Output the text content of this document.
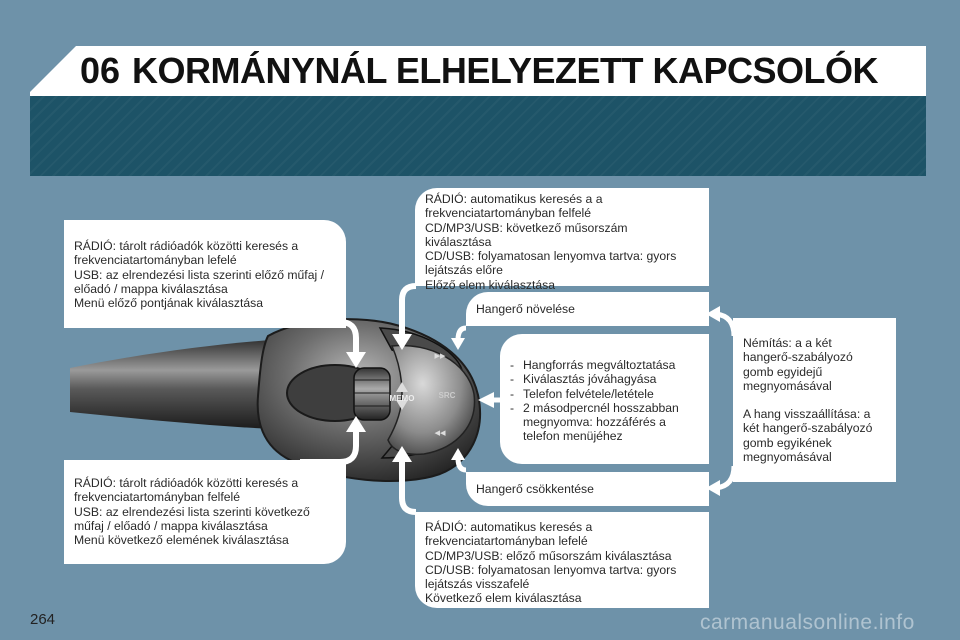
06 KORMÁNYNÁL ELHELYEZETT KAPCSOLÓK
MEMO	SRC
▸▸
◂◂

RÁDIÓ: tárolt rádióadók közötti keresés a

frekvenciatartományban lefelé

USB: az elrendezési lista szerinti előző műfaj /

előadó / mappa kiválasztása

Menü előző pontjának kiválasztása

RÁDIÓ: tárolt rádióadók közötti keresés a

frekvenciatartományban felfelé

USB: az elrendezési lista szerinti következő

műfaj / előadó / mappa kiválasztása

Menü következő elemének kiválasztása

RÁDIÓ: automatikus keresés a a

frekvenciatartományban felfelé

CD/MP3/USB: következő műsorszám

kiválasztása

CD/USB: folyamatosan lenyomva tartva: gyors

lejátszás előre

Előző elem kiválasztása

RÁDIÓ: automatikus keresés a

frekvenciatartományban lefelé

CD/MP3/USB: előző műsorszám kiválasztása

CD/USB: folyamatosan lenyomva tartva: gyors

lejátszás visszafelé

Következő elem kiválasztása

Hangerő növelése

Hangerő csökkentése

- Hangforrás megváltoztatása
- Kiválasztás jóváhagyása
- Telefon felvétele/letétele
- 2 másodpercnél hosszabban megnyomva: hozzáférés a telefon menüjéhez

Némítás: a a két

hangerő-szabályozó

gomb egyidejű

megnyomásával

A hang visszaállítása: a

két hangerő-szabályozó

gomb egyikének

megnyomásával

264	carmanualsonline.info
